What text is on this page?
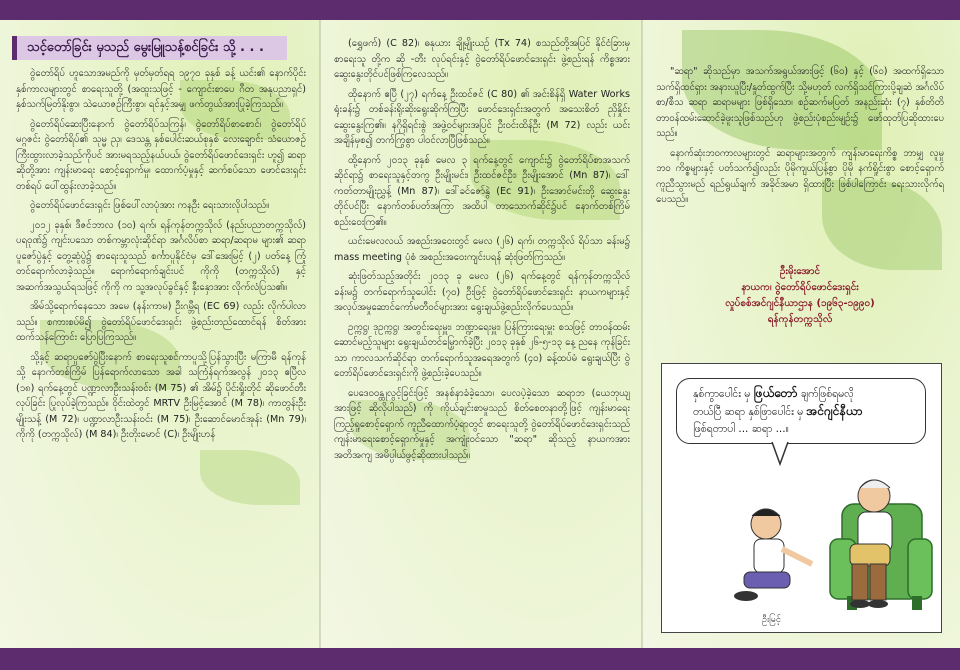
သင့်တော်ခြင်း မှသည် မွေးမြူသန့်စင်ခြင်း သို့ . . .

ဝွဲတော်ရိပ် ဟူသောအမည်ကို မှတ်မှတ်ရရ ၁၉၇၀ ခုနှစ် ခန့် ယင်း၏ နောက်ပိုင်းနှစ်ကာလများတွင် စာရေးသူတို့ (အထူးသဖြင့် - ကျောင်းစာပေ ဂီတ အနုပညာရှင်) နှစ်သက်မြတ်နိုးစွာ၊ သဲယောဇဉ်ကြီးစွာ၊ ရင်နှင့်အမျှ ဖက်တွယ်အားပြုခဲ့ကြသည်။

ဝွဲတော်ရိပ်ဆေးပြီးနောက် ဝွဲတော်ရိပ်သကြန်၊ ဝွဲတော်ရိပ်စာစောင်၊ ဝွဲတော်ရိပ်မဂ္ဂဇင်း ဝွဲတော်ရိပ်၏ သုမ္မ ညှ၊ ဒေသန္တ နှစ်ပေါင်းဆယ်စုနှစ် လေးချောင်း သံယောဇဉ်ကြီးထွားလာခဲ့သည်ကိုပင် အားမရသည့်နယ်ပယ်၊ ဝွဲတော်ရိပ်ဖောင်ဒေးရှင်း ဟူ၍ ဆရာဆိုတို့အား ကျန်းမာရေး စောင့်ရှောက်မှု၊ ထောက်ပံ့မှုနှင့် ဆက်စပ်သော ဖောင်ဒေးရှင်းတစ်ရပ် ပေါ်ထွန်းလာခဲ့သည်။

ဝွဲတော်ရိပ်ဖောင်ဒေးရှင်း ဖြစ်ပေါ်လာပုံအား ကနဦး ရေးသားလိုပါသည်။

၂၀၁၂ ခုနှစ်၊ ဒီဇင်ဘာလ (၁၀) ရက်၊ ရန်ကုန်တက္ကသိုလ် (နည်းပညာတက္ကသိုလ်) ပရဝုဏ်၌ ကျင်းပသော တစ်ကမ္ဘာလုံးဆိုင်ရာ အင်္ဂလိပ်စာ ဆရာ/ဆရာမ များ၏ ဆရာပူဇော်ပွဲနှင့် တွေ့ဆုံပွဲ၌ စာရေးသူသည် စင်္ကာပူနိုင်ငံမှ ဒေါ်အေးမြင့် (၂) ပတ်နေ့ ကြုံတင်ရောက်လာခဲ့သည်။ ရောက်ရောက်ချင်းပင် ကိုကို (တက္ကသိုလ်) နှင့် အဆက်အသွယ်ရသဖြင့် ကိုကို က သူ့အလုပ်ခွင်နှင့် နှီးနှောအား လိုက်လံပြသ၏။

အိမ်သို့ရောက်နေသော အမေ (နန်းကာမ) ဦးဂမ္ဘီရ (EC 69) လည်း လိုက်ပါလာသည်။ စကားစပ်မိ၍ ဝွဲတော်ရိပ်ဖောင်ဒေးရှင်း ဖွဲ့စည်းတည်ထောင်ရန် စိတ်အားထက်သန်ကြောင်း ပြောပြကြသည်။

သို့နှင့် ဆရာပူဇော်ပွဲပြီးနောက် စာရေးသူစင်ကာပူသို့ပြန်သွားပြီး မကြာမီ ရန်ကုန်သို့ နောက်တစ်ကြိမ် ပြန်ရောက်လာသော အခါ သကြံန်ရက်အလွန် ၂၀၁၃ ဧပြီလ (၁၈) ရက်နေ့တွင် ပဏ္ဍာလာဦးသန်းဝင်း (M 75) ၏ အိမ်၌ ပိုင်းရှိုးတိုင် ဆိုဖောင်တီး လုပ်ခြင်း ပြုလုပ်ခဲ့ကြသည်။ ဝိုင်းထဲတွင် MRTV ဦးမြင့်အောင် (M 78)၊ ကာတွန်းဦးမျိုးသန့် (M 72)၊ ပဏ္ဍာလာဦးသန်းဝင်း (M 75)၊ ဦးဆောင်မောင်အုန်း (Mn 79)၊ ကိုကို (တက္ကသိုလ်) (M 84)၊ ဦးတိုးမောင် (C)၊ ဦးမျိုးဟန်

(ရွှေဖက်) (C 82)၊ ဓနုယား ချို့မျိုးယဉ် (Tx 74) စသည်တို့အပြင် နိုင်ငံခြားမှ စာရေးသူ တို့က ဆို -တီး လုပ်ရင်းနှင့် ဝွဲတော်ရိပ်ဖောင်ဒေးရှင်း ဖွဲ့စည်းရန် ကိစ္စအား ဆွေးနွေးတိုင်ပင်ဖြစ်ကြလေသည်။

ထိုနောက် ဧပြီ (၂၇) ရက်နေ့ ဦးထင်ဇင် (C 80) ၏ အင်းစိန်ရှိ Water Works ရုံးခန်း၌ တစ်ခန်းရိုးဆိုးရွေးဆိုက်ကြပြီး ဖောင်ဒေးရှင်းအတွက် အသေးစိတ် ညှိနှိုင်းဆွေးနွေးကြ၏။ နဂိုရှိရင်းစွဲ အဖွဲ့ဝင်များအပြင် ဦးဝင်းထိန်ဦး (M 72) လည်း ယင်းအချိန်မှစ၍ တက်ကြွစွာ ပါဝင်လာပြီဖြစ်သည်။

ထို့နောက် ၂၀၁၃ ခုနှစ် မေလ ၃ ရက်နေ့တွင် ကျောင်း၌ ဝွဲတော်ရိပ်စာအသက် ဆိုင်ရာ၌ စာရေးသူနှင့်တကွ ဦးမျိုးမင်း၊ ဦးထင်ဇင်ဦး၊ ဦးမျိုးအောင် (Mn 87)၊ ဒေါ်ကတ်တာမျိုးညွှန့် (Mn 87)၊ ဒေါ်ခင်ဇော်နွဲ (Ec 91)၊ ဦးအောင်မင်းတို့ ဆွေးနွေးတိုင်ပင်ပြီး နောက်တစ်ပတ်အကြာ အထိပါ တာသောက်ဆိုင်၌ပင် နောက်တစ်ကြိမ် စည်းဝေးကြ၏။

ယင်းမေလလယ် အစည်းအဝေးတွင် မေလ (၂၆) ရက်၊ တက္ကသိုလ် ရိပ်သာ ခန်းမ၌ mass meeting ပုံစံ အစည်းအဝေးကျင်းပရန် ဆုံးဖြတ်ကြသည်။

ဆုံးဖြတ်သည့်အတိုင်း ၂၀၁၃ ခု မေလ (၂၆) ရက်နေ့တွင် ရန်ကုန်တက္ကသိုလ် ခန်းမ၌ တက်ရောက်သူပေါင်း (၇၀) ဦးဖြင့် ဝွဲတော်ရိပ်ဖောင်ဒေးရှင်း နာယကများနှင့် အလုပ်အမှုဆောင်ကော်မတီဝင်များအား ရွေးချယ်ဖွဲ့စည်းလိုက်ပေသည်။

ဥက္ကဋ္ဌ၊ ဒုဥက္ကဋ္ဌ၊ အတွင်းရေးမှူး၊ ဘဏ္ဍာရေးမှူး၊ ပြန်ကြားရေးမှူး စသဖြင့် တာဝန်ထမ်းဆောင်မည့်သူများ ရွေးချယ်တင်မြှောက်ခဲ့ပြီး ၂၀၁၃ ခုနှစ် ၂၆-၅-၁၃ နေ့ ညနေ ကုန်ခြင်းသာ ကာလသက်ဆိုင်ရာ တက်ရောက်သူအရေအတွက် (၄၀) ခန့်ထပ်မံ ရွေးချယ်ပြီး ဝွဲတော်ရိပ်ဖောင်ဒေးရှင်းကို ဖွဲ့စည်းခဲ့ပေသည်။

ပေဒေဝဝန္ထုလွင့်ခြင်းဖြင့် အနစ်နာခံခဲ့သော၊ ပေလပဲ့ခဲ့သော ဆရာဘ (ယေဘုယျအားဖြင့် ဆိုလိုပါသည်) ကို ကိုယ်ချင်းစာမှုသည် စိတ်စေတနာတို့ဖြင့် ကျန်းမာရေးကြည့်ရှုစောင့်ရှောက် ကူညီထောက်ပံ့ရာတွင် စာရေးသူတို့ ဝွဲတော်ရိပ်ဖောင်ဒေးရှင်းသည် ကျန်းမာရေးစောင့်ရှောက်မှုနှင့် အကျုံးဝင်သော "ဆရာ" ဆိုသည့် နာယကအား အတိအကျ အမိပ္ပါယ်ဖွင့်ဆိုထားပါသည်။

"ဆရာ" ဆိုသည်မှာ အသက်အရွယ်အားဖြင့် (၆၀) နှင့် (၆၀) အထက်ရှိသော သက်ရှိထင်ရှား အနားယူပြီး/နှုတ်ထွက်ပြီး သို့မဟုတ် လက်ရှိသင်ကြားပို့ချဆဲ အင်္ဂလိပ်စာ/စီသ ဆရာ ဆရာမများ ဖြစ်ရှိသော၊ စဉ်ဆက်မပြတ် အနည်းဆုံး (၇) နှစ်တိတိ တာဝန်ထမ်းဆောင်ခဲ့ဖူးသူဖြစ်သည်ဟု ဖွဲ့စည်းပုံစည်းမျဉ်း၌ ဖော်ထုတ်ပြဆိုထားပေသည်။

နောက်ဆုံးဘဝကာလများတွင် ဆရာများအတွက် ကျန်းမာရေးကိစ္စ ဘာမျှ လူမှုဘဝ ကိစ္စများနှင့် ပတ်သက်၍လည်း ပိုမိုကျယ်ပြန့်စွာ ပိုမို နက်ရှိုင်းစွာ စောင့်ရှောက်ကူညီသွားမည် ရည်ရွယ်ချက် အခိုင်အမာ ရှိထားပြီး ဖြစ်ပါကြောင်း ရေးသားလိုက်ရပေသည်။

ဦးမိုးအောင်
နာယက၊ ဝွဲတော်ရိပ်ဖောင်ဒေးရှင်း
လှုပ်စစ်အင်ဂျင်နီယာဌာန (၁၉၆၃-၁၉၉၀)
ရန်ကုန်တက္ကသိုလ်
နှစ်ကွာပေါင်း မှ ဖြယ်တော် ချက်ဖြစ်ရမလို
တယ်ပြီ ဆရာ နှစ်ဖြာပေါင်း မှ အင်ဂျင်နီယာ
ဖြစ်ရတာပါ ... ဆရာ ...။
ဦးမြင့်
